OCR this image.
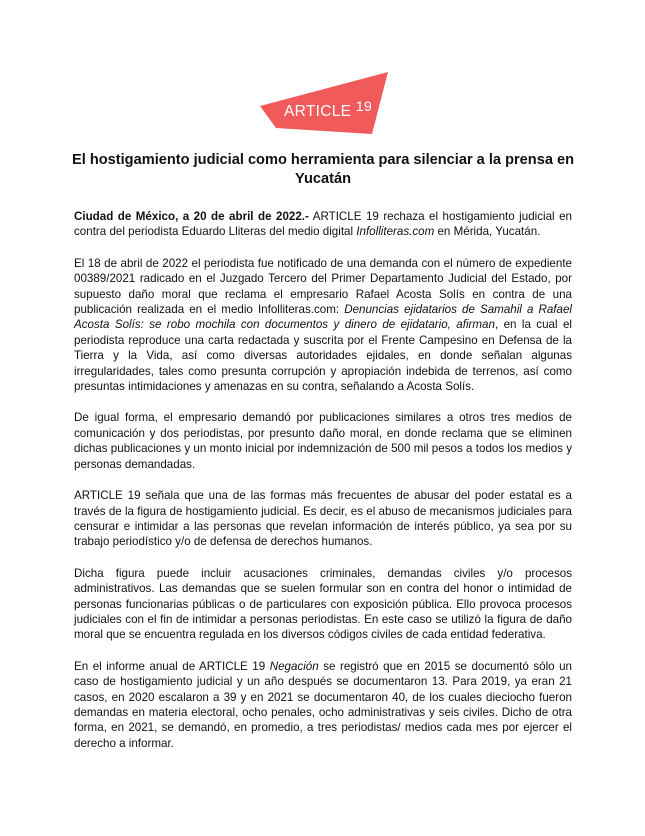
ARTICLE 19
El hostigamiento judicial como herramienta para silenciar a la prensa en Yucatán

Ciudad de México, a 20 de abril de 2022.- ARTICLE 19 rechaza el hostigamiento judicial en contra del periodista Eduardo Lliteras del medio digital Infolliteras.com en Mérida, Yucatán.

El 18 de abril de 2022 el periodista fue notificado de una demanda con el número de expediente 00389/2021 radicado en el Juzgado Tercero del Primer Departamento Judicial del Estado, por supuesto daño moral que reclama el empresario Rafael Acosta Solís en contra de una publicación realizada en el medio Infolliteras.com: Denuncias ejidatarios de Samahil a Rafael Acosta Solís: se robo mochila con documentos y dinero de ejidatario, afirman, en la cual el periodista reproduce una carta redactada y suscrita por el Frente Campesino en Defensa de la Tierra y la Vida, así como diversas autoridades ejidales, en donde señalan algunas irregularidades, tales como presunta corrupción y apropiación indebida de terrenos, así como presuntas intimidaciones y amenazas en su contra, señalando a Acosta Solís.

De igual forma, el empresario demandó por publicaciones similares a otros tres medios de comunicación y dos periodistas, por presunto daño moral, en donde reclama que se eliminen dichas publicaciones y un monto inicial por indemnización de 500 mil pesos a todos los medios y personas demandadas.

ARTICLE 19 señala que una de las formas más frecuentes de abusar del poder estatal es a través de la figura de hostigamiento judicial. Es decir, es el abuso de mecanismos judiciales para censurar e intimidar a las personas que revelan información de interés público, ya sea por su trabajo periodístico y/o de defensa de derechos humanos.

Dicha figura puede incluir acusaciones criminales, demandas civiles y/o procesos administrativos. Las demandas que se suelen formular son en contra del honor o intimidad de personas funcionarias públicas o de particulares con exposición pública. Ello provoca procesos judiciales con el fin de intimidar a personas periodistas. En este caso se utilizó la figura de daño moral que se encuentra regulada en los diversos códigos civiles de cada entidad federativa.

En el informe anual de ARTICLE 19 Negación se registró que en 2015 se documentó sólo un caso de hostigamiento judicial y un año después se documentaron 13. Para 2019, ya eran 21 casos, en 2020 escalaron a 39 y en 2021 se documentaron 40, de los cuales dieciocho fueron demandas en materia electoral, ocho penales, ocho administrativas y seis civiles. Dicho de otra forma, en 2021, se demandó, en promedio, a tres periodistas/ medios cada mes por ejercer el derecho a informar.
